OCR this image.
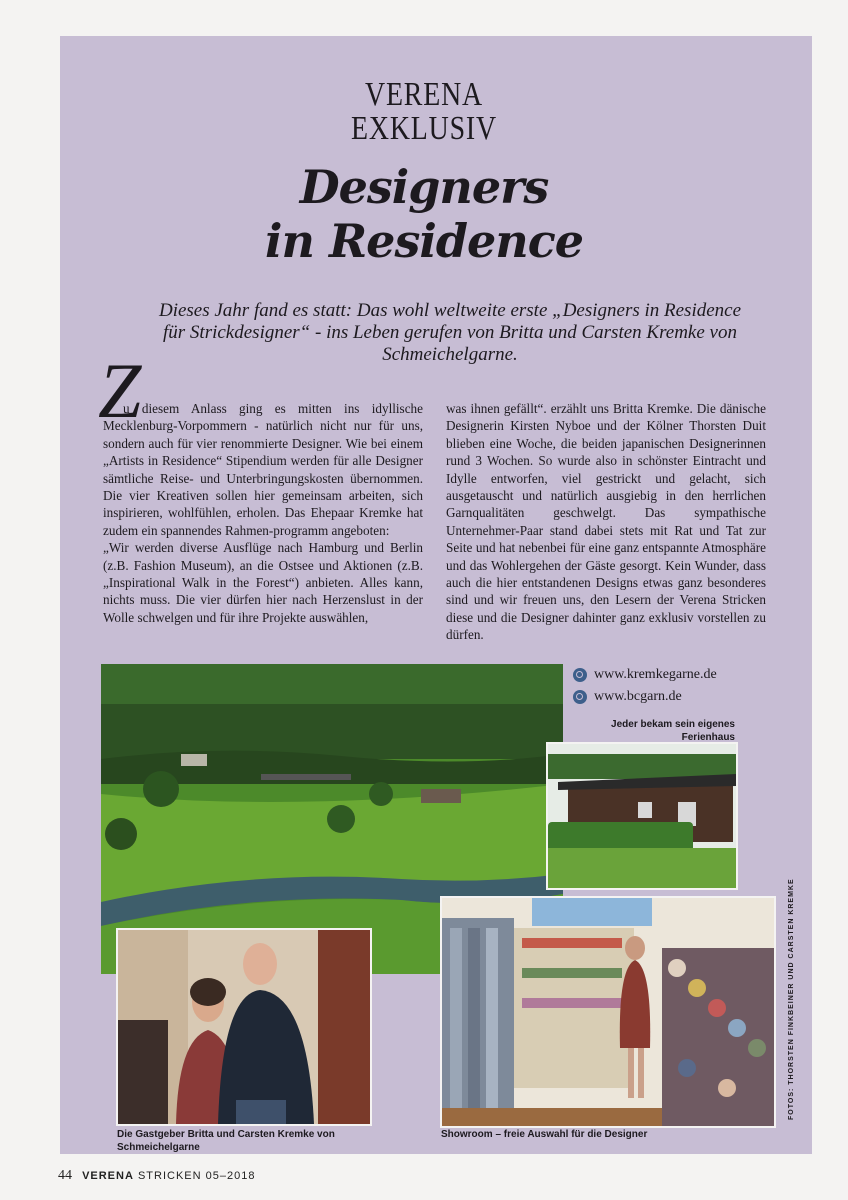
VERENA
EXKLUSIV
Designers
in Residence
Dieses Jahr fand es statt: Das wohl weltweite erste „Designers in Residence für Strickdesigner“ - ins Leben gerufen von Britta und Carsten Kremke von Schmeichelgarne.
Z

u diesem Anlass ging es mitten ins idyllische Mecklenburg-Vorpommern - natürlich nicht nur für uns, sondern auch für vier renommierte Designer. Wie bei einem „Artists in Residence“ Stipendium werden für alle Designer sämtliche Reise- und Unterbringungskosten übernommen. Die vier Kreativen sollen hier gemeinsam arbeiten, sich inspirieren, wohlfühlen, erholen. Das Ehepaar Kremke hat zudem ein spannendes Rahmen-programm angeboten:

„Wir werden diverse Ausflüge nach Hamburg und Berlin (z.B. Fashion Museum), an die Ostsee und Aktionen (z.B. „Inspirational Walk in the Forest“) anbieten. Alles kann, nichts muss. Die vier dürfen hier nach Herzenslust in der Wolle schwelgen und für ihre Projekte auswählen,

was ihnen gefällt“. erzählt uns Britta Kremke. Die dänische Designerin Kirsten Nyboe und der Kölner Thorsten Duit blieben eine Woche, die beiden japanischen Designerinnen rund 3 Wochen. So wurde also in schönster Eintracht und Idylle entworfen, viel gestrickt und gelacht, sich ausgetauscht und natürlich ausgiebig in den herrlichen Garnqualitäten geschwelgt. Das sympathische Unternehmer-Paar stand dabei stets mit Rat und Tat zur Seite und hat nebenbei für eine ganz entspannte Atmosphäre und das Wohlergehen der Gäste gesorgt. Kein Wunder, dass auch die hier entstandenen Designs etwas ganz besonderes sind und wir freuen uns, den Lesern der Verena Stricken diese und die Designer dahinter ganz exklusiv vorstellen zu dürfen.

www.kremkegarne.de
www.bcgarn.de
Jeder bekam sein eigenes Ferienhaus
Die Gastgeber Britta und Carsten Kremke von Schmeichelgarne
Showroom – freie Auswahl für die Designer
FOTOS: THORSTEN FINKBEINER UND CARSTEN KREMKE
44 VERENA STRICKEN 05–2018
